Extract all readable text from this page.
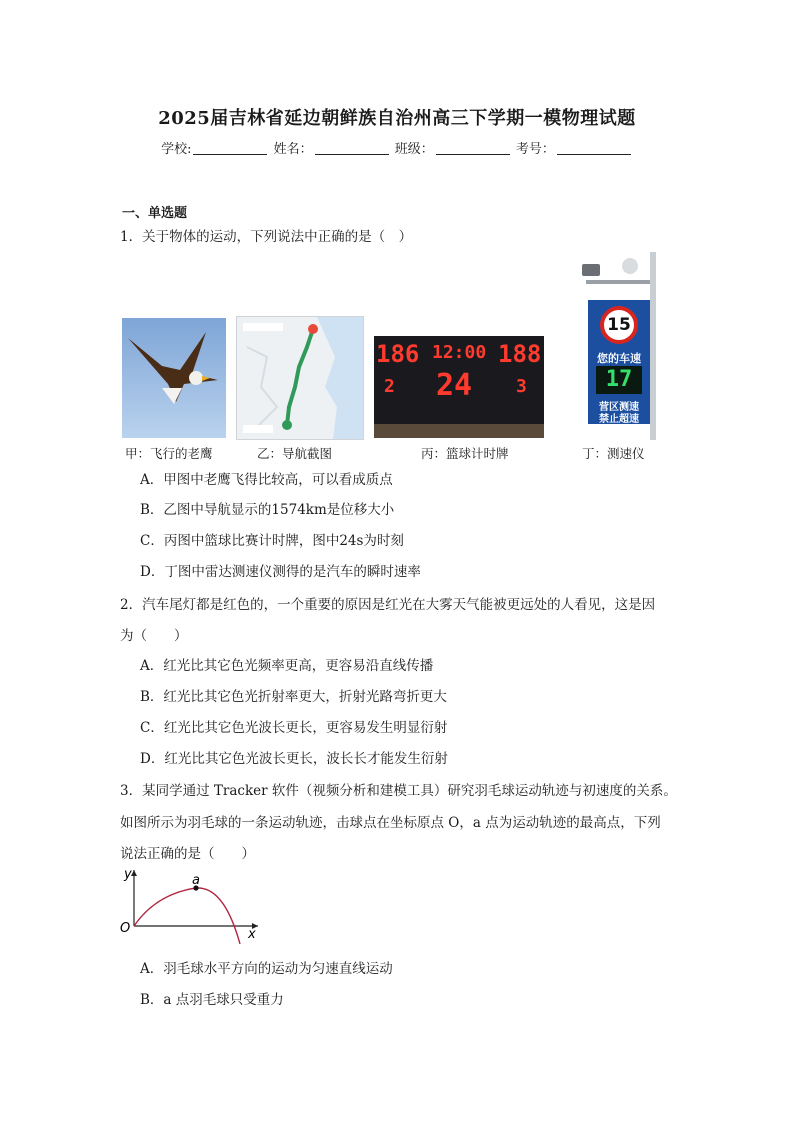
2025届吉林省延边朝鲜族自治州高三下学期一模物理试题
学校:	姓名：	班级：	考号：
一、单选题
1．关于物体的运动，下列说法中正确的是（　）
186 12:00 188
2 24 3
15
您的车速
17
营区测速
禁止超速
甲：飞行的老鹰	乙：导航截图	丙：篮球计时牌	丁：测速仪
A．甲图中老鹰飞得比较高，可以看成质点
B．乙图中导航显示的1574km是位移大小
C．丙图中篮球比赛计时牌，图中24s为时刻
D．丁图中雷达测速仪测得的是汽车的瞬时速率
2．汽车尾灯都是红色的，一个重要的原因是红光在大雾天气能被更远处的人看见，这是因
为（　　）
A．红光比其它色光频率更高，更容易沿直线传播
B．红光比其它色光折射率更大，折射光路弯折更大
C．红光比其它色光波长更长，更容易发生明显衍射
D．红光比其它色光波长更长，波长长才能发生衍射
3．某同学通过 Tracker 软件（视频分析和建模工具）研究羽毛球运动轨迹与初速度的关系。
如图所示为羽毛球的一条运动轨迹，击球点在坐标原点 O，a 点为运动轨迹的最高点，下列
说法正确的是（　　）
a
y
x
O
A．羽毛球水平方向的运动为匀速直线运动
B．a 点羽毛球只受重力
